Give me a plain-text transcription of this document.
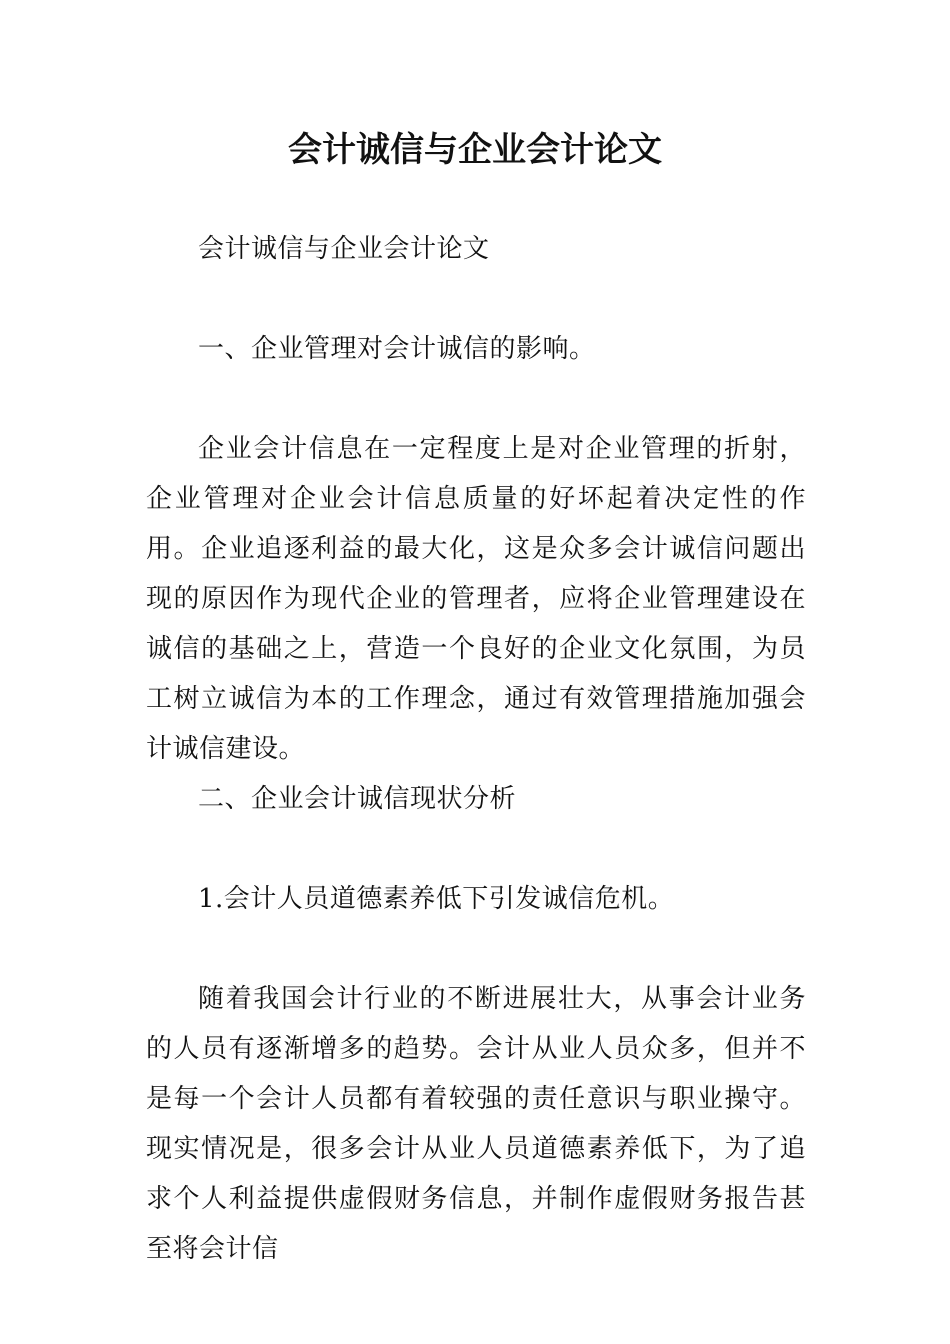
会计诚信与企业会计论文

会计诚信与企业会计论文

一、企业管理对会计诚信的影响。

企业会计信息在一定程度上是对企业管理的折射，企业管理对企业会计信息质量的好坏起着决定性的作用。企业追逐利益的最大化，这是众多会计诚信问题出现的原因作为现代企业的管理者，应将企业管理建设在诚信的基础之上，营造一个良好的企业文化氛围，为员工树立诚信为本的工作理念，通过有效管理措施加强会计诚信建设。

二、企业会计诚信现状分析

1.会计人员道德素养低下引发诚信危机。

随着我国会计行业的不断进展壮大，从事会计业务的人员有逐渐增多的趋势。会计从业人员众多，但并不是每一个会计人员都有着较强的责任意识与职业操守。现实情况是，很多会计从业人员道德素养低下，为了追求个人利益提供虚假财务信息，并制作虚假财务报告甚至将会计信
